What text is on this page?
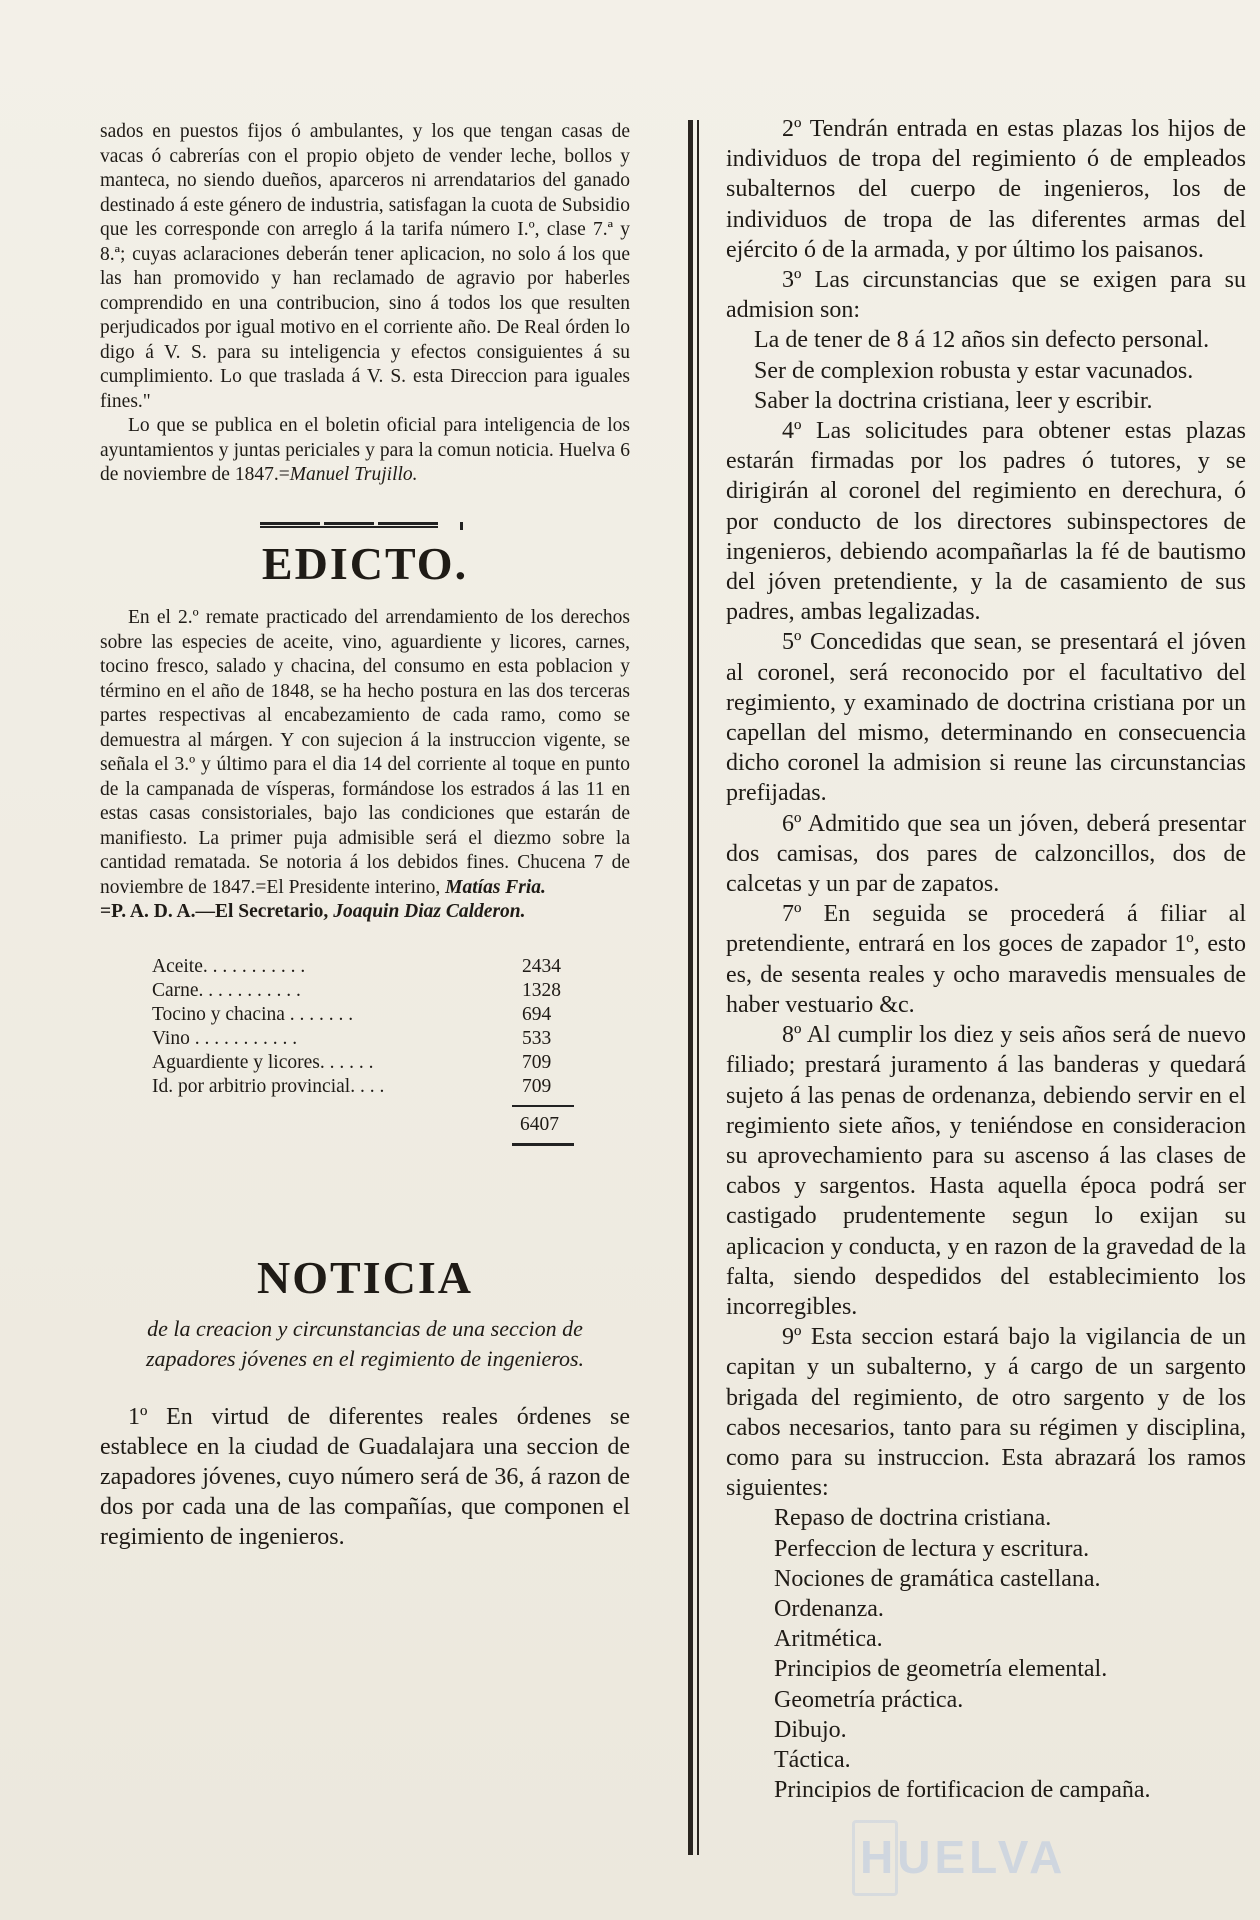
sados en puestos fijos ó ambulantes, y los que tengan casas de vacas ó cabrerías con el propio objeto de vender leche, bollos y manteca, no siendo dueños, aparceros ni arrendatarios del ganado destinado á este género de industria, satisfagan la cuota de Subsidio que les corresponde con arreglo á la tarifa número I.º, clase 7.ª y 8.ª; cuyas aclaraciones deberán tener aplicacion, no solo á los que las han promovido y han reclamado de agravio por haberles comprendido en una contribucion, sino á todos los que resulten perjudicados por igual motivo en el corriente año. De Real órden lo digo á V. S. para su inteligencia y efectos consiguientes á su cumplimiento. Lo que traslada á V. S. esta Direccion para iguales fines."

Lo que se publica en el boletin oficial para inteligencia de los ayuntamientos y juntas periciales y para la comun noticia. Huelva 6 de noviembre de 1847.=Manuel Trujillo.

EDICTO.

En el 2.º remate practicado del arrendamiento de los derechos sobre las especies de aceite, vino, aguardiente y licores, carnes, tocino fresco, salado y chacina, del consumo en esta poblacion y término en el año de 1848, se ha hecho postura en las dos terceras partes respectivas al encabezamiento de cada ramo, como se demuestra al márgen. Y con sujecion á la instruccion vigente, se señala el 3.º y último para el dia 14 del corriente al toque en punto de la campanada de vísperas, formándose los estrados á las 11 en estas casas consistoriales, bajo las condiciones que estarán de manifiesto. La primer puja admisible será el diezmo sobre la cantidad rematada. Se notoria á los debidos fines. Chucena 7 de noviembre de 1847.=El Presidente interino, Matías Fria.

=P. A. D. A.—El Secretario, Joaquin Diaz Calderon.

Aceite. . . . . . . . . . .	2434
Carne. . . . . . . . . . .	1328
Tocino y chacina . . . . . . .	694
Vino . . . . . . . . . . .	533
Aguardiente y licores. . . . . .	709
Id. por arbitrio provincial. . . .	709
6407
NOTICIA

de la creacion y circunstancias de una seccion de zapadores jóvenes en el regimiento de ingenieros.

1º En virtud de diferentes reales órdenes se establece en la ciudad de Guadalajara una seccion de zapadores jóvenes, cuyo número será de 36, á razon de dos por cada una de las compañías, que componen el regimiento de ingenieros.

2º Tendrán entrada en estas plazas los hijos de individuos de tropa del regimiento ó de empleados subalternos del cuerpo de ingenieros, los de individuos de tropa de las diferentes armas del ejército ó de la armada, y por último los paisanos.

3º Las circunstancias que se exigen para su admision son:

La de tener de 8 á 12 años sin defecto personal.

Ser de complexion robusta y estar vacunados.

Saber la doctrina cristiana, leer y escribir.

4º Las solicitudes para obtener estas plazas estarán firmadas por los padres ó tutores, y se dirigirán al coronel del regimiento en derechura, ó por conducto de los directores subinspectores de ingenieros, debiendo acompañarlas la fé de bautismo del jóven pretendiente, y la de casamiento de sus padres, ambas legalizadas.

5º Concedidas que sean, se presentará el jóven al coronel, será reconocido por el facultativo del regimiento, y examinado de doctrina cristiana por un capellan del mismo, determinando en consecuencia dicho coronel la admision si reune las circunstancias prefijadas.

6º Admitido que sea un jóven, deberá presentar dos camisas, dos pares de calzoncillos, dos de calcetas y un par de zapatos.

7º En seguida se procederá á filiar al pretendiente, entrará en los goces de zapador 1º, esto es, de sesenta reales y ocho maravedis mensuales de haber vestuario &c.

8º Al cumplir los diez y seis años será de nuevo filiado; prestará juramento á las banderas y quedará sujeto á las penas de ordenanza, debiendo servir en el regimiento siete años, y teniéndose en consideracion su aprovechamiento para su ascenso á las clases de cabos y sargentos. Hasta aquella época podrá ser castigado prudentemente segun lo exijan su aplicacion y conducta, y en razon de la gravedad de la falta, siendo despedidos del establecimiento los incorregibles.

9º Esta seccion estará bajo la vigilancia de un capitan y un subalterno, y á cargo de un sargento brigada del regimiento, de otro sargento y de los cabos necesarios, tanto para su régimen y disciplina, como para su instruccion. Esta abrazará los ramos siguientes:

Repaso de doctrina cristiana.

Perfeccion de lectura y escritura.

Nociones de gramática castellana.

Ordenanza.

Aritmética.

Principios de geometría elemental.

Geometría práctica.

Dibujo.

Táctica.

Principios de fortificacion de campaña.

HUELVA
